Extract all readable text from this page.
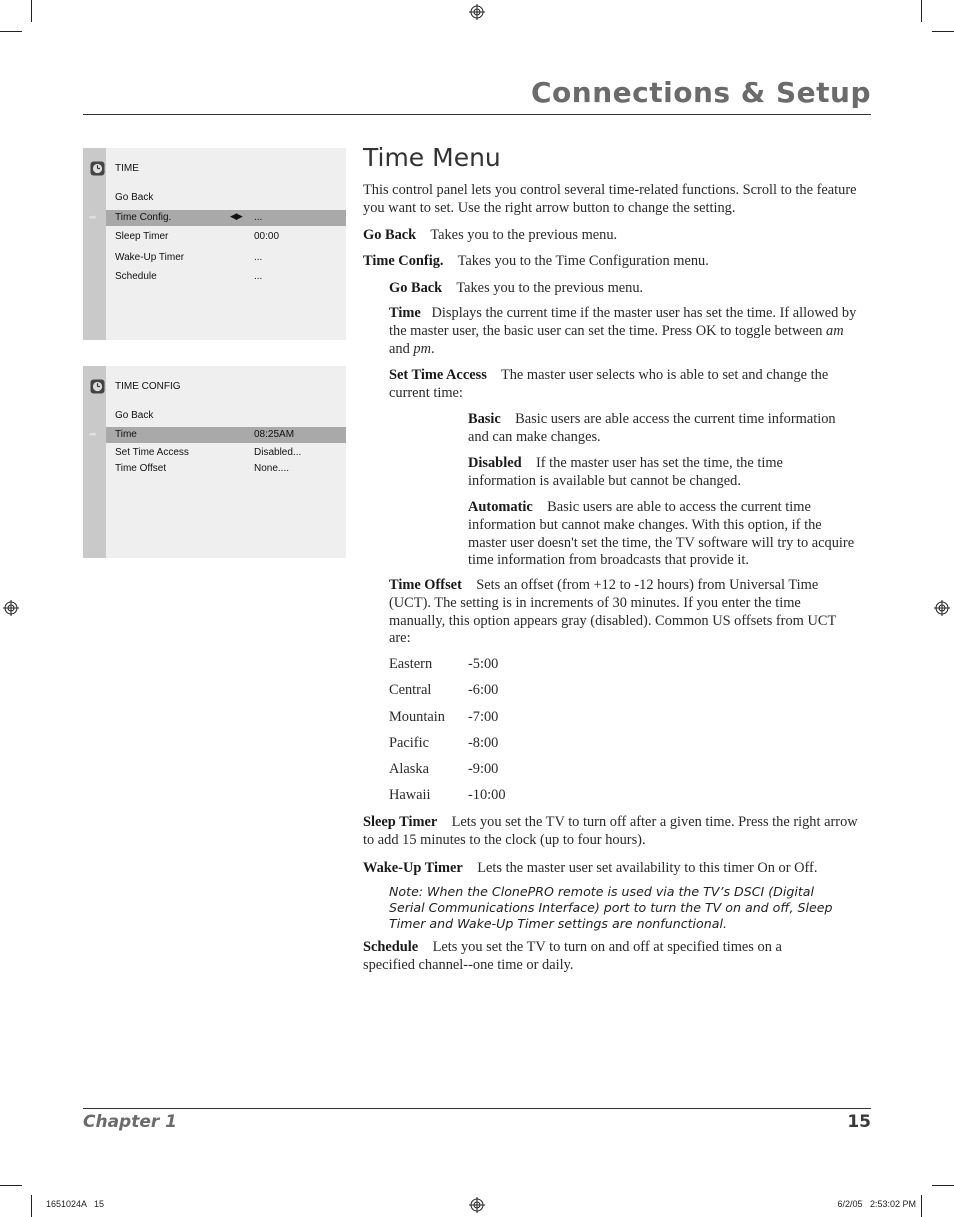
Connections & Setup
TIME
Go Back
➡ Time Config.	◀▶ ...
Sleep Timer	00:00
Wake-Up Timer	...
Schedule	...
TIME CONFIG
Go Back
➡ Time	08:25AM
Set Time Access	Disabled...
Time Offset	None....
Time Menu
This control panel lets you control several time-related functions. Scroll to the feature you want to set. Use the right arrow button to change the setting.
Go Back Takes you to the previous menu.
Time Config. Takes you to the Time Configuration menu.
Go Back Takes you to the previous menu.
Time Displays the current time if the master user has set the time. If allowed by the master user, the basic user can set the time. Press OK to toggle between am and pm.
Set Time Access The master user selects who is able to set and change the current time:
Basic Basic users are able access the current time information and can make changes.
Disabled If the master user has set the time, the time information is available but cannot be changed.
Automatic Basic users are able to access the current time information but cannot make changes. With this option, if the master user doesn't set the time, the TV software will try to acquire time information from broadcasts that provide it.
Time Offset Sets an offset (from +12 to -12 hours) from Universal Time (UCT). The setting is in increments of 30 minutes. If you enter the time manually, this option appears gray (disabled). Common US offsets from UCT are:
Eastern -5:00
Central	-6:00
Mountain -7:00
Pacific	-8:00
Alaska	-9:00
Hawaii	-10:00
Sleep Timer Lets you set the TV to turn off after a given time. Press the right arrow to add 15 minutes to the clock (up to four hours).
Wake-Up Timer Lets the master user set availability to this timer On or Off.
Note: When the ClonePRO remote is used via the TV’s DSCI (Digital Serial Communications Interface) port to turn the TV on and off, Sleep Timer and Wake-Up Timer settings are nonfunctional.
Schedule Lets you set the TV to turn on and off at specified times on a specified channel--one time or daily.
Chapter 1	15
1651024A   15	6/2/05   2:53:02 PM
